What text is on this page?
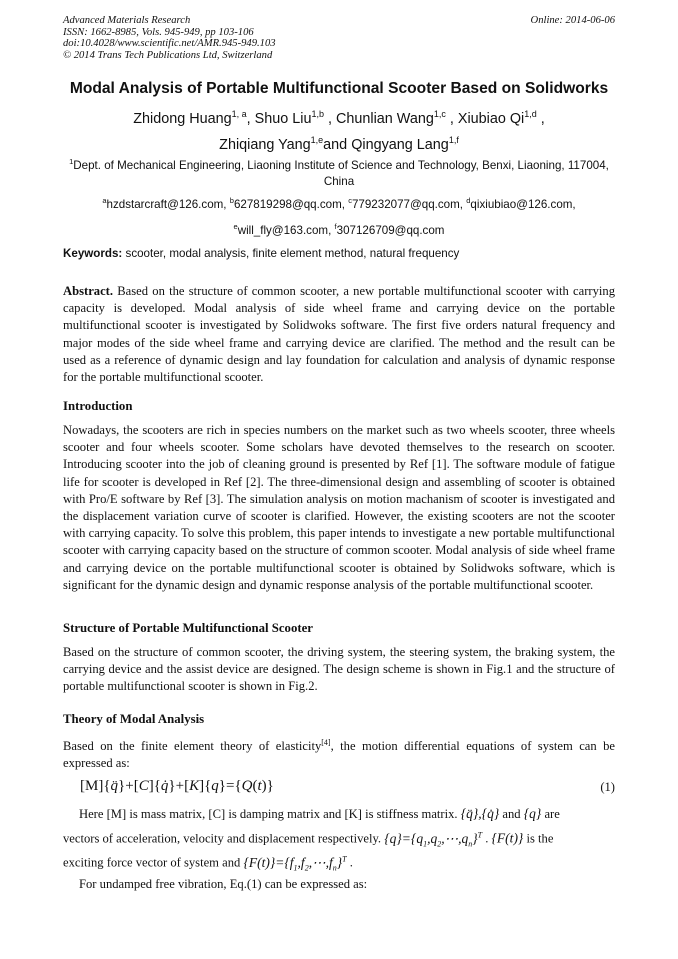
Advanced Materials Research
ISSN: 1662-8985, Vols. 945-949, pp 103-106
doi:10.4028/www.scientific.net/AMR.945-949.103
© 2014 Trans Tech Publications Ltd, Switzerland
Online: 2014-06-06
Modal Analysis of Portable Multifunctional Scooter Based on Solidworks
Zhidong Huang$^{1, a}$, Shuo Liu$^{1,b}$ , Chunlian Wang$^{1,c}$ , Xiubiao Qi$^{1,d}$ ,
Zhiqiang Yang$^{1,e}$and Qingyang Lang$^{1,f}$
$^1$Dept. of Mechanical Engineering, Liaoning Institute of Science and Technology, Benxi, Liaoning, 117004, China
$^a$hzdstarcraft@126.com, $^b$627819298@qq.com, $^c$779232077@qq.com, $^d$qixiubiao@126.com,
$^e$will_fly@163.com, $^f$307126709@qq.com
Keywords: scooter, modal analysis, finite element method, natural frequency
Abstract. Based on the structure of common scooter, a new portable multifunctional scooter with carrying capacity is developed. Modal analysis of side wheel frame and carrying device on the portable multifunctional scooter is investigated by Solidwoks software. The first five orders natural frequency and major modes of the side wheel frame and carrying device are clarified. The method and the result can be used as a reference of dynamic design and lay foundation for calculation and analysis of dynamic response for the portable multifunctional scooter.
Introduction
Nowadays, the scooters are rich in species numbers on the market such as two wheels scooter, three wheels scooter and four wheels scooter. Some scholars have devoted themselves to the research on scooter. Introducing scooter into the job of cleaning ground is presented by Ref [1]. The software module of fatigue life for scooter is developed in Ref [2]. The three-dimensional design and assembling of scooter is obtained with Pro/E software by Ref [3]. The simulation analysis on motion machanism of scooter is investigated and the displacement variation curve of scooter is clarified. However, the existing scooters are not the scooter with carrying capacity. To solve this problem, this paper intends to investigate a new portable multifunctional scooter with carrying capacity based on the structure of common scooter. Modal analysis of side wheel frame and carrying device on the portable multifunctional scooter is obtained by Solidwoks software, which is significant for the dynamic design and dynamic response analysis of the portable multifunctional scooter.
Structure of Portable Multifunctional Scooter
Based on the structure of common scooter, the driving system, the steering system, the braking system, the carrying device and the assist device are designed. The design scheme is shown in Fig.1 and the structure of portable multifunctional scooter is shown in Fig.2.
Theory of Modal Analysis
Based on the finite element theory of elasticity[4], the motion differential equations of system can be expressed as:
[M]{q̈}+[C]{q̇}+[K]{q}={Q(t)}	(1)
Here [M] is mass matrix, [C] is damping matrix and [K] is stiffness matrix. {q̈},{q̇} and {q} are
vectors of acceleration, velocity and displacement respectively. $\{q\}=\{q_1,q_2,\cdots,q_n\}^T$ . {F(t)} is the
exciting force vector of system and $\{F(t)\}=\{f_1,f_2,\cdots,f_n\}^T$ .
For undamped free vibration, Eq.(1) can be expressed as:
